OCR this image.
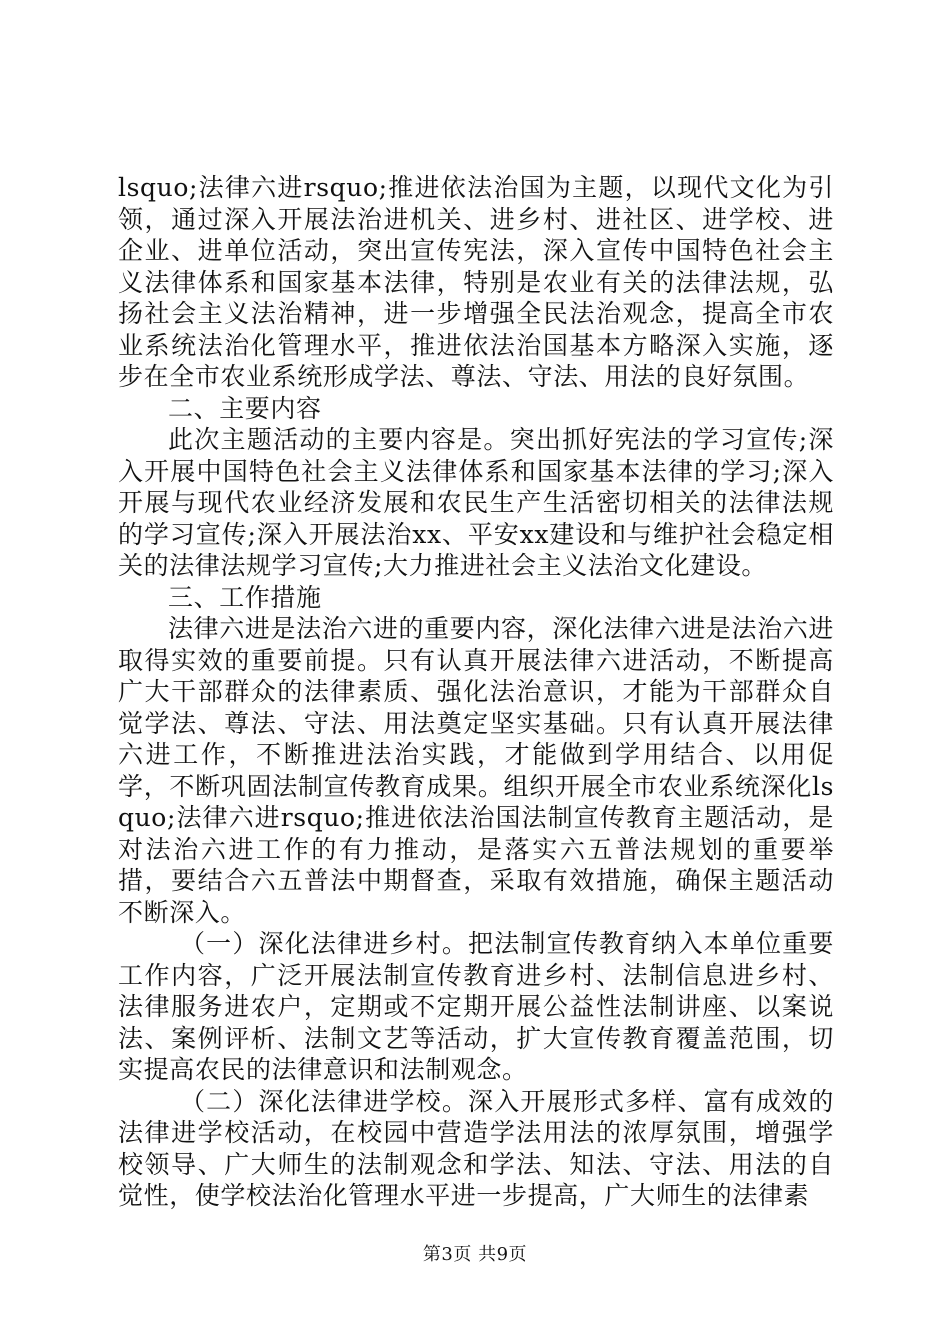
lsquo;法律六进rsquo;推进依法治国为主题，以现代文化为引领，通过深入开展法治进机关、进乡村、进社区、进学校、进企业、进单位活动，突出宣传宪法，深入宣传中国特色社会主义法律体系和国家基本法律，特别是农业有关的法律法规，弘扬社会主义法治精神，进一步增强全民法治观念，提高全市农业系统法治化管理水平，推进依法治国基本方略深入实施，逐步在全市农业系统形成学法、尊法、守法、用法的良好氛围。

二、主要内容

此次主题活动的主要内容是。突出抓好宪法的学习宣传;深入开展中国特色社会主义法律体系和国家基本法律的学习;深入开展与现代农业经济发展和农民生产生活密切相关的法律法规的学习宣传;深入开展法治xx、平安xx建设和与维护社会稳定相关的法律法规学习宣传;大力推进社会主义法治文化建设。

三、工作措施

法律六进是法治六进的重要内容，深化法律六进是法治六进取得实效的重要前提。只有认真开展法律六进活动，不断提高广大干部群众的法律素质、强化法治意识，才能为干部群众自觉学法、尊法、守法、用法奠定坚实基础。只有认真开展法律六进工作，不断推进法治实践，才能做到学用结合、以用促学，不断巩固法制宣传教育成果。组织开展全市农业系统深化lsquo;法律六进rsquo;推进依法治国法制宣传教育主题活动，是对法治六进工作的有力推动，是落实六五普法规划的重要举措，要结合六五普法中期督查，采取有效措施，确保主题活动不断深入。

（一）深化法律进乡村。把法制宣传教育纳入本单位重要工作内容，广泛开展法制宣传教育进乡村、法制信息进乡村、法律服务进农户，定期或不定期开展公益性法制讲座、以案说法、案例评析、法制文艺等活动，扩大宣传教育覆盖范围，切实提高农民的法律意识和法制观念。

（二）深化法律进学校。深入开展形式多样、富有成效的法律进学校活动，在校园中营造学法用法的浓厚氛围，增强学校领导、广大师生的法制观念和学法、知法、守法、用法的自觉性，使学校法治化管理水平进一步提高，广大师生的法律素

第3页 共9页
